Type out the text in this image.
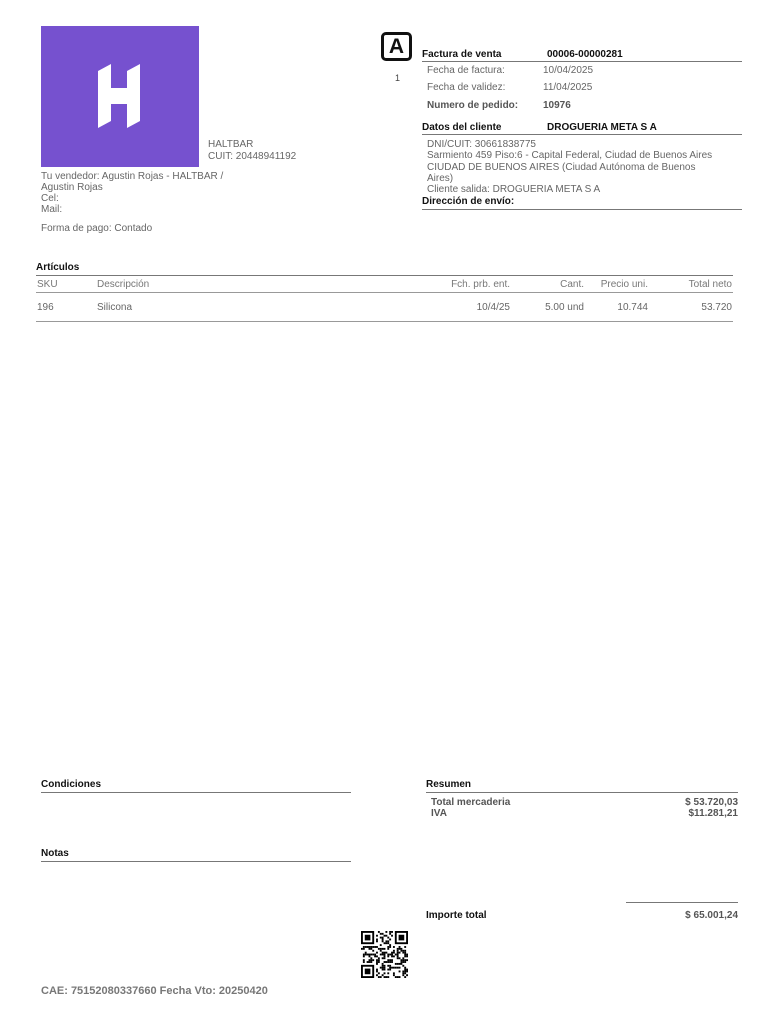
HALTBAR
CUIT: 20448941192
Tu vendedor: Agustin Rojas - HALTBAR /
Agustin Rojas
Cel:
Mail:
Forma de pago: Contado
A
1
Factura de venta	00006-00000281
Fecha de factura:	10/04/2025
Fecha de validez:	11/04/2025
Numero de pedido: 10976
Datos del cliente	DROGUERIA META S A
DNI/CUIT: 30661838775
Sarmiento 459 Piso:6 - Capital Federal, Ciudad de Buenos Aires
CIUDAD DE BUENOS AIRES (Ciudad Autónoma de Buenos
Aires)
Cliente salida: DROGUERIA META S A
Dirección de envío:
Artículos
SKU	Descripción	Fch. prb. ent.	Cant.	Precio uni.	Total neto
196	Silicona	10/4/25	5.00 und	10.744	53.720
Condiciones
Notas
Resumen
Total mercaderia	$ 53.720,03
IVA	$11.281,21
Importe total	$ 65.001,24
CAE: 75152080337660 Fecha Vto: 20250420
